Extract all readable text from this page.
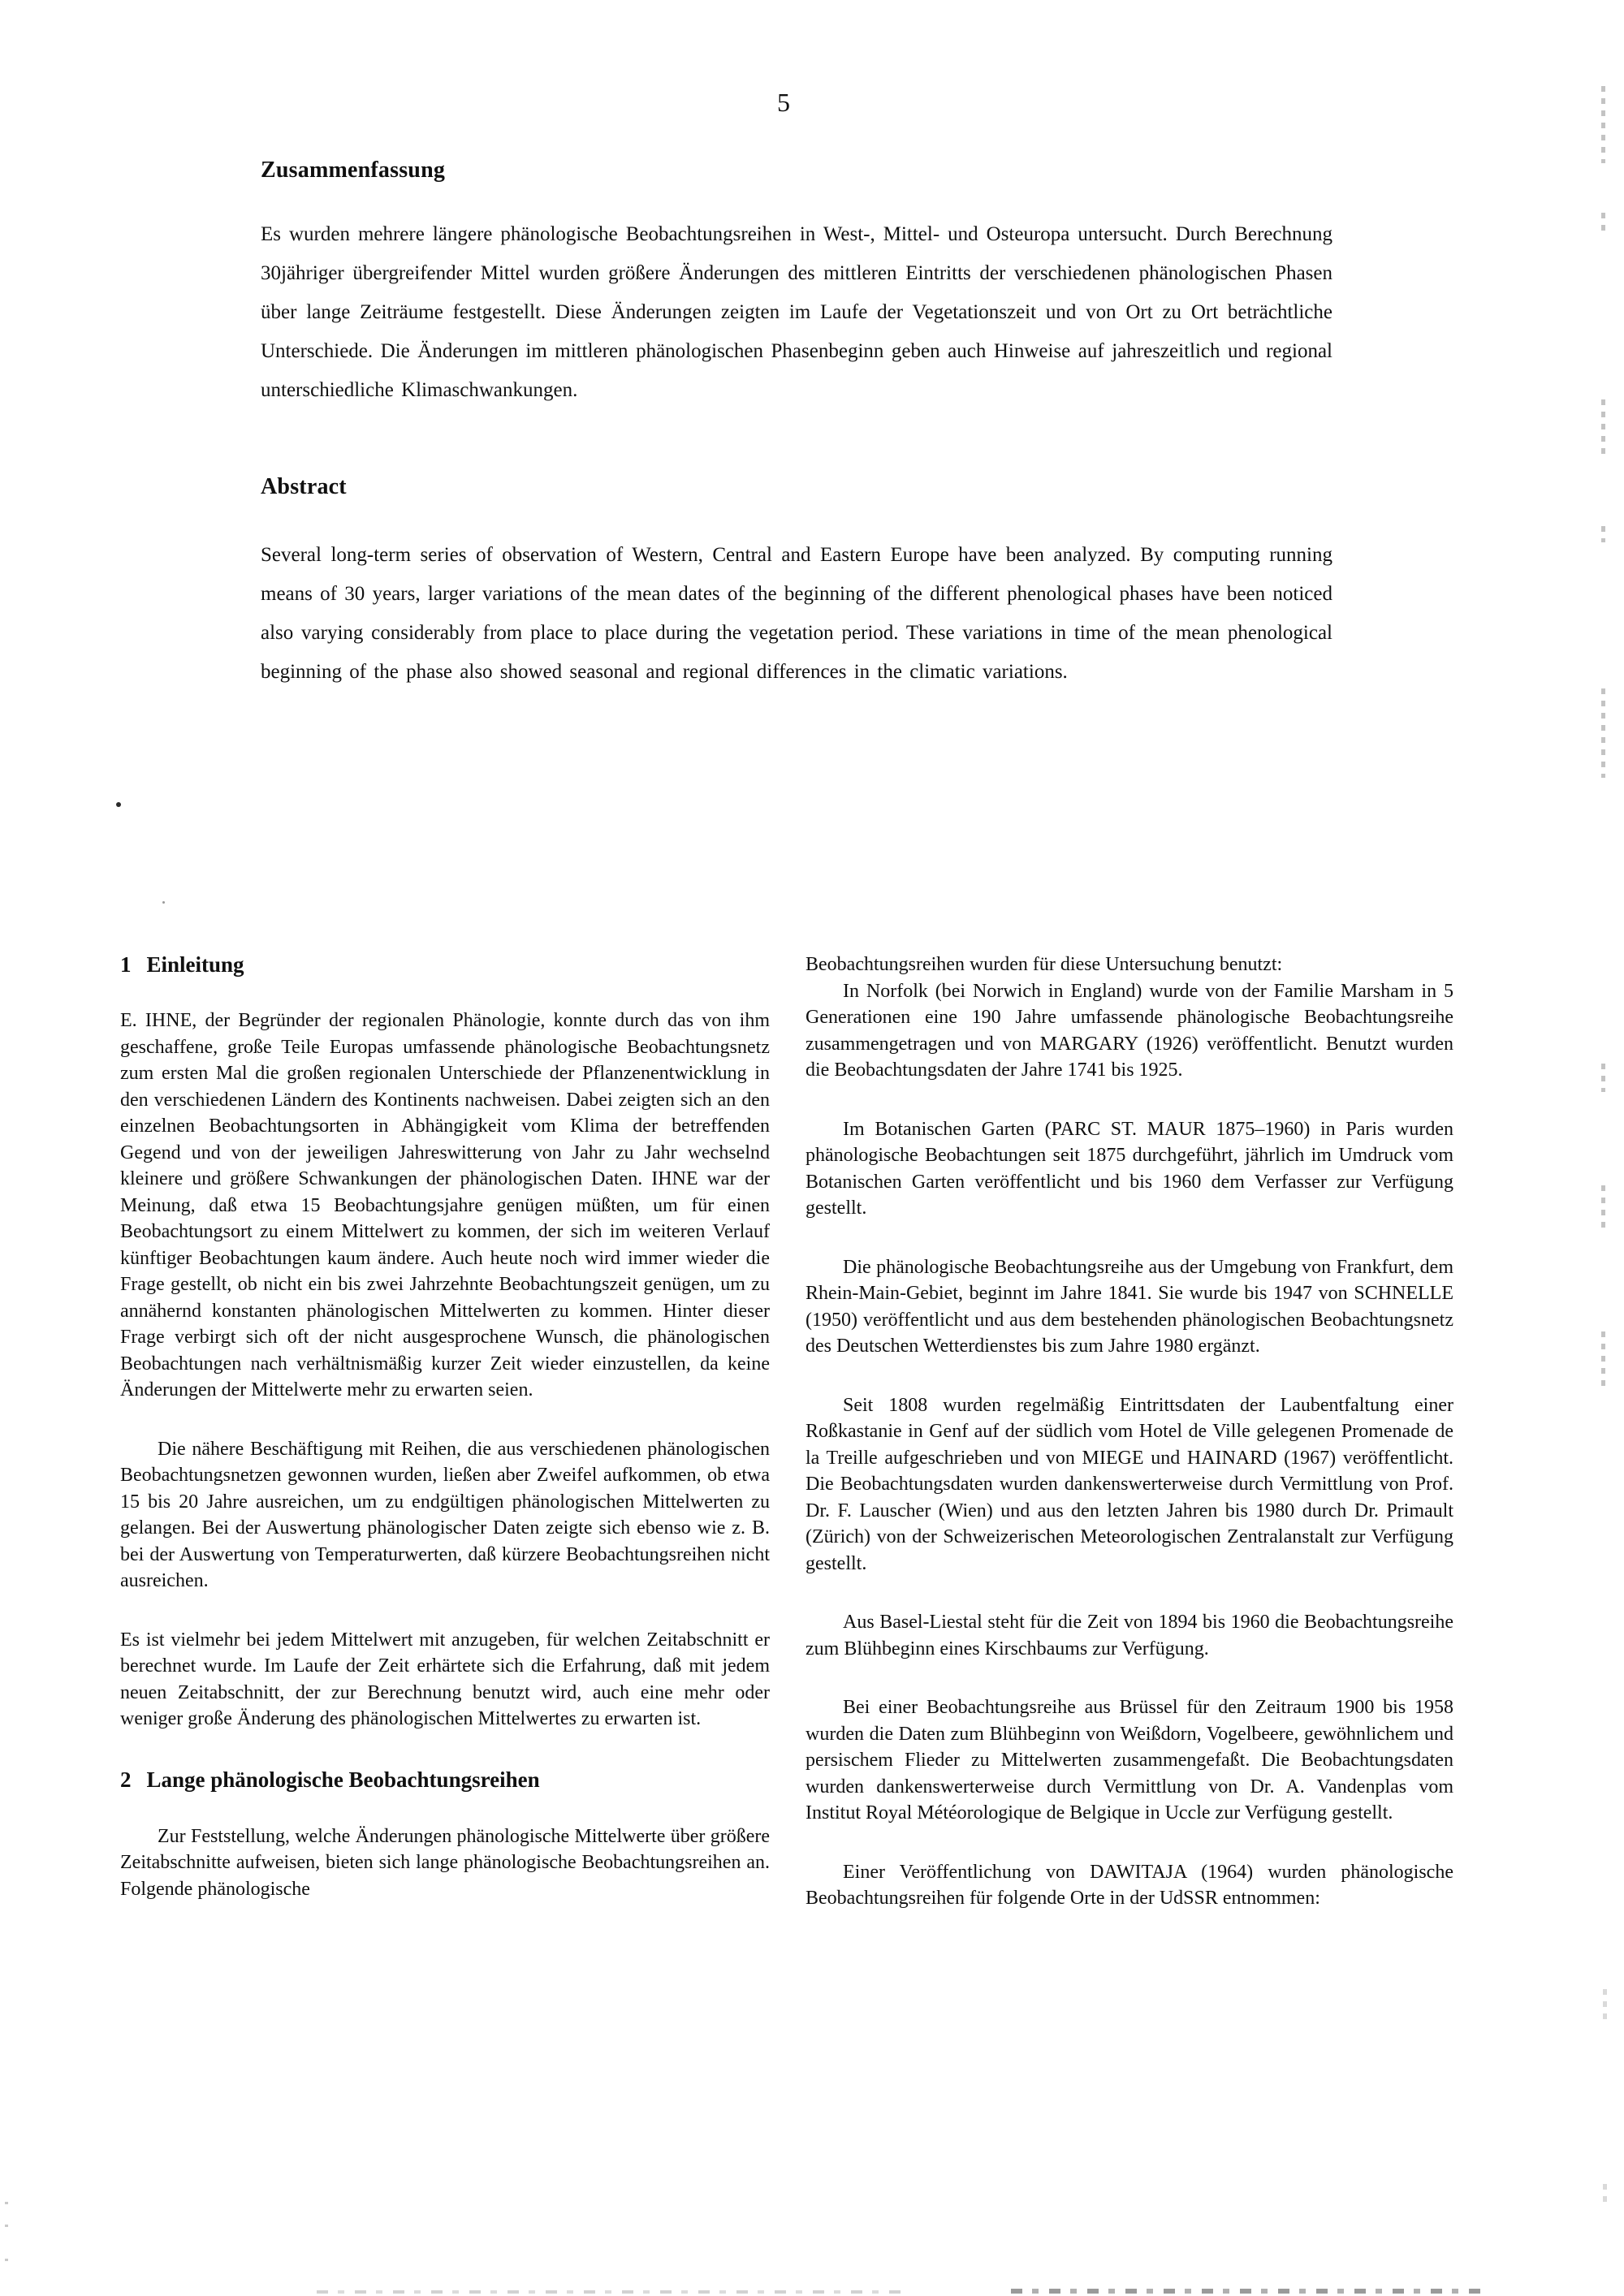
5
Zusammenfassung
Es wurden mehrere längere phänologische Beobachtungsreihen in West-, Mittel- und Osteuropa untersucht. Durch Berechnung 30jähriger übergreifender Mittel wurden größere Änderungen des mittleren Eintritts der verschiedenen phänologischen Phasen über lange Zeiträume festgestellt. Diese Änderungen zeigten im Laufe der Vegetationszeit und von Ort zu Ort beträchtliche Unterschiede. Die Änderungen im mittleren phänologischen Phasenbeginn geben auch Hinweise auf jahreszeitlich und regional unterschiedliche Klimaschwankungen.
Abstract
Several long-term series of observation of Western, Central and Eastern Europe have been analyzed. By computing running means of 30 years, larger variations of the mean dates of the beginning of the different phenological phases have been noticed also varying considerably from place to place during the vegetation period. These variations in time of the mean phenological beginning of the phase also showed seasonal and regional differences in the climatic variations.
1 Einleitung

E. IHNE, der Begründer der regionalen Phänologie, konnte durch das von ihm geschaffene, große Teile Europas umfassende phänologische Beobachtungsnetz zum ersten Mal die großen regionalen Unterschiede der Pflanzenentwicklung in den verschiedenen Ländern des Kontinents nachweisen. Dabei zeigten sich an den einzelnen Beobachtungsorten in Abhängigkeit vom Klima der betreffenden Gegend und von der jeweiligen Jahreswitterung von Jahr zu Jahr wechselnd kleinere und größere Schwankungen der phänologischen Daten. IHNE war der Meinung, daß etwa 15 Beobachtungsjahre genügen müßten, um für einen Beobachtungsort zu einem Mittelwert zu kommen, der sich im weiteren Verlauf künftiger Beobachtungen kaum ändere. Auch heute noch wird immer wieder die Frage gestellt, ob nicht ein bis zwei Jahrzehnte Beobachtungszeit genügen, um zu annähernd konstanten phänologischen Mittelwerten zu kommen. Hinter dieser Frage verbirgt sich oft der nicht ausgesprochene Wunsch, die phänologischen Beobachtungen nach verhältnismäßig kurzer Zeit wieder einzustellen, da keine Änderungen der Mittelwerte mehr zu erwarten seien.

Die nähere Beschäftigung mit Reihen, die aus verschiedenen phänologischen Beobachtungsnetzen gewonnen wurden, ließen aber Zweifel aufkommen, ob etwa 15 bis 20 Jahre ausreichen, um zu endgültigen phänologischen Mittelwerten zu gelangen. Bei der Auswertung phänologischer Daten zeigte sich ebenso wie z. B. bei der Auswertung von Temperaturwerten, daß kürzere Beobachtungsreihen nicht ausreichen.

Es ist vielmehr bei jedem Mittelwert mit anzugeben, für welchen Zeitabschnitt er berechnet wurde. Im Laufe der Zeit erhärtete sich die Erfahrung, daß mit jedem neuen Zeitabschnitt, der zur Berechnung benutzt wird, auch eine mehr oder weniger große Änderung des phänologischen Mittelwertes zu erwarten ist.

2 Lange phänologische Beobachtungsreihen

Zur Feststellung, welche Änderungen phänologische Mittelwerte über größere Zeitabschnitte aufweisen, bieten sich lange phänologische Beobachtungsreihen an. Folgende phänologische

Beobachtungsreihen wurden für diese Untersuchung benutzt:

In Norfolk (bei Norwich in England) wurde von der Familie Marsham in 5 Generationen eine 190 Jahre umfassende phänologische Beobachtungsreihe zusammengetragen und von MARGARY (1926) veröffentlicht. Benutzt wurden die Beobachtungsdaten der Jahre 1741 bis 1925.

Im Botanischen Garten (PARC ST. MAUR 1875–1960) in Paris wurden phänologische Beobachtungen seit 1875 durchgeführt, jährlich im Umdruck vom Botanischen Garten veröffentlicht und bis 1960 dem Verfasser zur Verfügung gestellt.

Die phänologische Beobachtungsreihe aus der Umgebung von Frankfurt, dem Rhein-Main-Gebiet, beginnt im Jahre 1841. Sie wurde bis 1947 von SCHNELLE (1950) veröffentlicht und aus dem bestehenden phänologischen Beobachtungsnetz des Deutschen Wetterdienstes bis zum Jahre 1980 ergänzt.

Seit 1808 wurden regelmäßig Eintrittsdaten der Laubentfaltung einer Roßkastanie in Genf auf der südlich vom Hotel de Ville gelegenen Promenade de la Treille aufgeschrieben und von MIEGE und HAINARD (1967) veröffentlicht. Die Beobachtungsdaten wurden dankenswerterweise durch Vermittlung von Prof. Dr. F. Lauscher (Wien) und aus den letzten Jahren bis 1980 durch Dr. Primault (Zürich) von der Schweizerischen Meteorologischen Zentralanstalt zur Verfügung gestellt.

Aus Basel-Liestal steht für die Zeit von 1894 bis 1960 die Beobachtungsreihe zum Blühbeginn eines Kirschbaums zur Verfügung.

Bei einer Beobachtungsreihe aus Brüssel für den Zeitraum 1900 bis 1958 wurden die Daten zum Blühbeginn von Weißdorn, Vogelbeere, gewöhnlichem und persischem Flieder zu Mittelwerten zusammengefaßt. Die Beobachtungsdaten wurden dankenswerterweise durch Vermittlung von Dr. A. Vandenplas vom Institut Royal Météorologique de Belgique in Uccle zur Verfügung gestellt.

Einer Veröffentlichung von DAWITAJA (1964) wurden phänologische Beobachtungsreihen für folgende Orte in der UdSSR entnommen:
